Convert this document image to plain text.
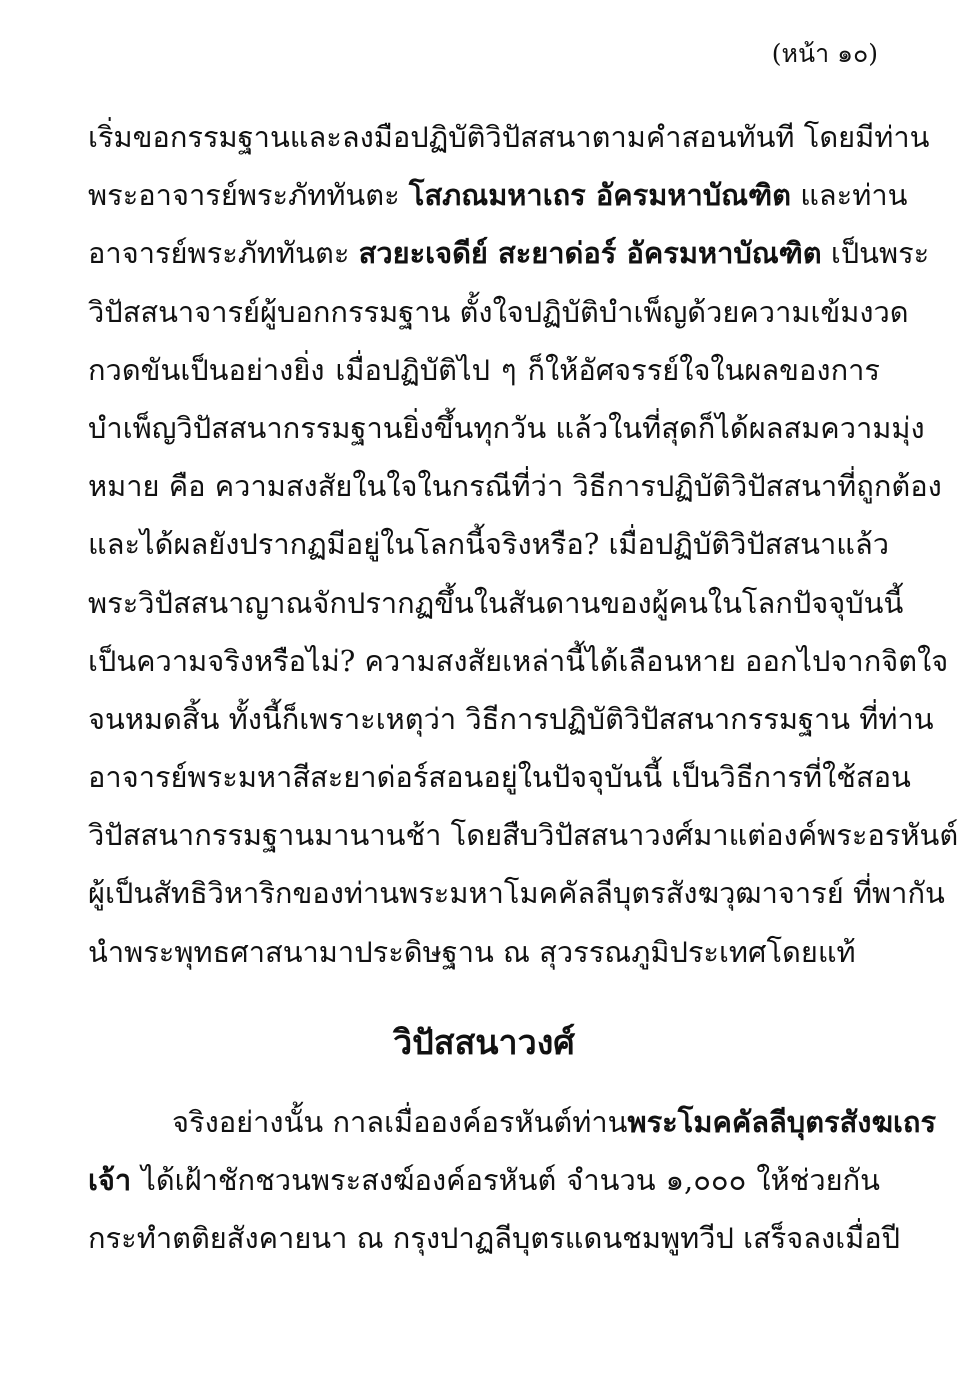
(หน้า ๑๐)
เริ่มขอกรรมฐานและลงมือปฏิบัติวิปัสสนาตามคำสอนทันที โดยมีท่าน
พระอาจารย์พระภัททันตะ โสภณมหาเถร อัครมหาบัณฑิต และท่าน
อาจารย์พระภัททันตะ สวยะเจดีย์ สะยาด่อร์ อัครมหาบัณฑิต เป็นพระ
วิปัสสนาจารย์ผู้บอกกรรมฐาน ตั้งใจปฏิบัติบำเพ็ญด้วยความเข้มงวด
กวดขันเป็นอย่างยิ่ง เมื่อปฏิบัติไป ๆ ก็ให้อัศจรรย์ใจในผลของการ
บำเพ็ญวิปัสสนากรรมฐานยิ่งขึ้นทุกวัน แล้วในที่สุดก็ได้ผลสมความมุ่ง
หมาย คือ ความสงสัยในใจในกรณีที่ว่า วิธีการปฏิบัติวิปัสสนาที่ถูกต้อง
และได้ผลยังปรากฏมีอยู่ในโลกนี้จริงหรือ? เมื่อปฏิบัติวิปัสสนาแล้ว
พระวิปัสสนาญาณจักปรากฏขึ้นในสันดานของผู้คนในโลกปัจจุบันนี้
เป็นความจริงหรือไม่? ความสงสัยเหล่านี้ได้เลือนหาย ออกไปจากจิตใจ
จนหมดสิ้น ทั้งนี้ก็เพราะเหตุว่า วิธีการปฏิบัติวิปัสสนากรรมฐาน ที่ท่าน
อาจารย์พระมหาสีสะยาด่อร์สอนอยู่ในปัจจุบันนี้ เป็นวิธีการที่ใช้สอน
วิปัสสนากรรมฐานมานานช้า โดยสืบวิปัสสนาวงศ์มาแต่องค์พระอรหันต์
ผู้เป็นสัทธิวิหาริกของท่านพระมหาโมคคัลลีบุตรสังฆวุฒาจารย์ ที่พากัน
นำพระพุทธศาสนามาประดิษฐาน ณ สุวรรณภูมิประเทศโดยแท้
วิปัสสนาวงศ์
จริงอย่างนั้น กาลเมื่อองค์อรหันต์ท่านพระโมคคัลลีบุตรสังฆเถร
เจ้า ได้เฝ้าชักชวนพระสงฆ์องค์อรหันต์ จำนวน ๑,๐๐๐ ให้ช่วยกัน
กระทำตติยสังคายนา ณ กรุงปาฏลีบุตรแดนชมพูทวีป เสร็จลงเมื่อปี
